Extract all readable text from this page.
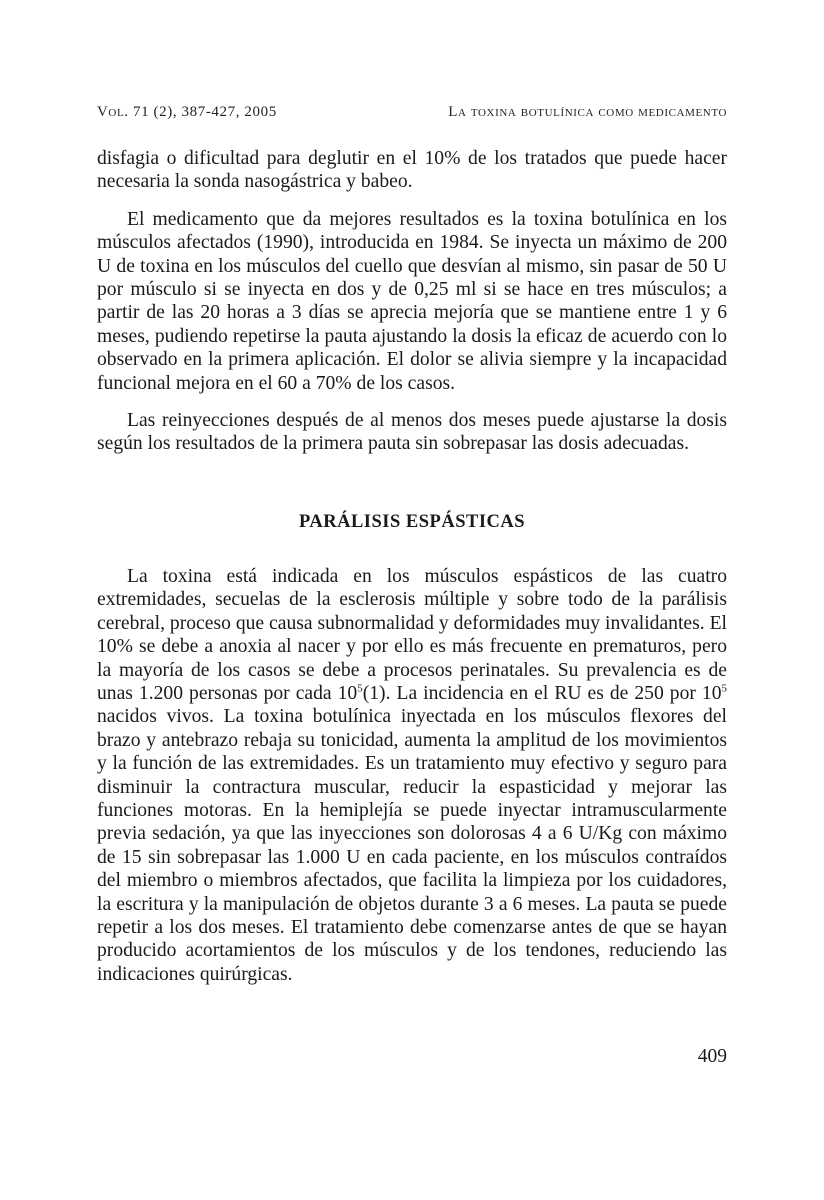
Vol. 71 (2), 387-427, 2005	La toxina botulínica como medicamento

disfagia o dificultad para deglutir en el 10% de los tratados que puede hacer necesaria la sonda nasogástrica y babeo.

El medicamento que da mejores resultados es la toxina botulínica en los músculos afectados (1990), introducida en 1984. Se inyecta un máximo de 200 U de toxina en los músculos del cuello que desvían al mismo, sin pasar de 50 U por músculo si se inyecta en dos y de 0,25 ml si se hace en tres músculos; a partir de las 20 horas a 3 días se aprecia mejoría que se mantiene entre 1 y 6 meses, pudiendo repetirse la pauta ajustando la dosis la eficaz de acuerdo con lo observado en la primera aplicación. El dolor se alivia siempre y la incapacidad funcional mejora en el 60 a 70% de los casos.

Las reinyecciones después de al menos dos meses puede ajustarse la dosis según los resultados de la primera pauta sin sobrepasar las dosis adecuadas.

PARÁLISIS ESPÁSTICAS

La toxina está indicada en los músculos espásticos de las cuatro extremidades, secuelas de la esclerosis múltiple y sobre todo de la parálisis cerebral, proceso que causa subnormalidad y deformidades muy invalidantes. El 10% se debe a anoxia al nacer y por ello es más frecuente en prematuros, pero la mayoría de los casos se debe a procesos perinatales. Su prevalencia es de unas 1.200 personas por cada $10^5(1)$. La incidencia en el RU es de 250 por $10^5$ nacidos vivos. La toxina botulínica inyectada en los músculos flexores del brazo y antebrazo rebaja su tonicidad, aumenta la amplitud de los movimientos y la función de las extremidades. Es un tratamiento muy efectivo y seguro para disminuir la contractura muscular, reducir la espasticidad y mejorar las funciones motoras. En la hemiplejía se puede inyectar intramuscularmente previa sedación, ya que las inyecciones son dolorosas 4 a 6 U/Kg con máximo de 15 sin sobrepasar las 1.000 U en cada paciente, en los músculos contraídos del miembro o miembros afectados, que facilita la limpieza por los cuidadores, la escritura y la manipulación de objetos durante 3 a 6 meses. La pauta se puede repetir a los dos meses. El tratamiento debe comenzarse antes de que se hayan producido acortamientos de los músculos y de los tendones, reduciendo las indicaciones quirúrgicas.

409
